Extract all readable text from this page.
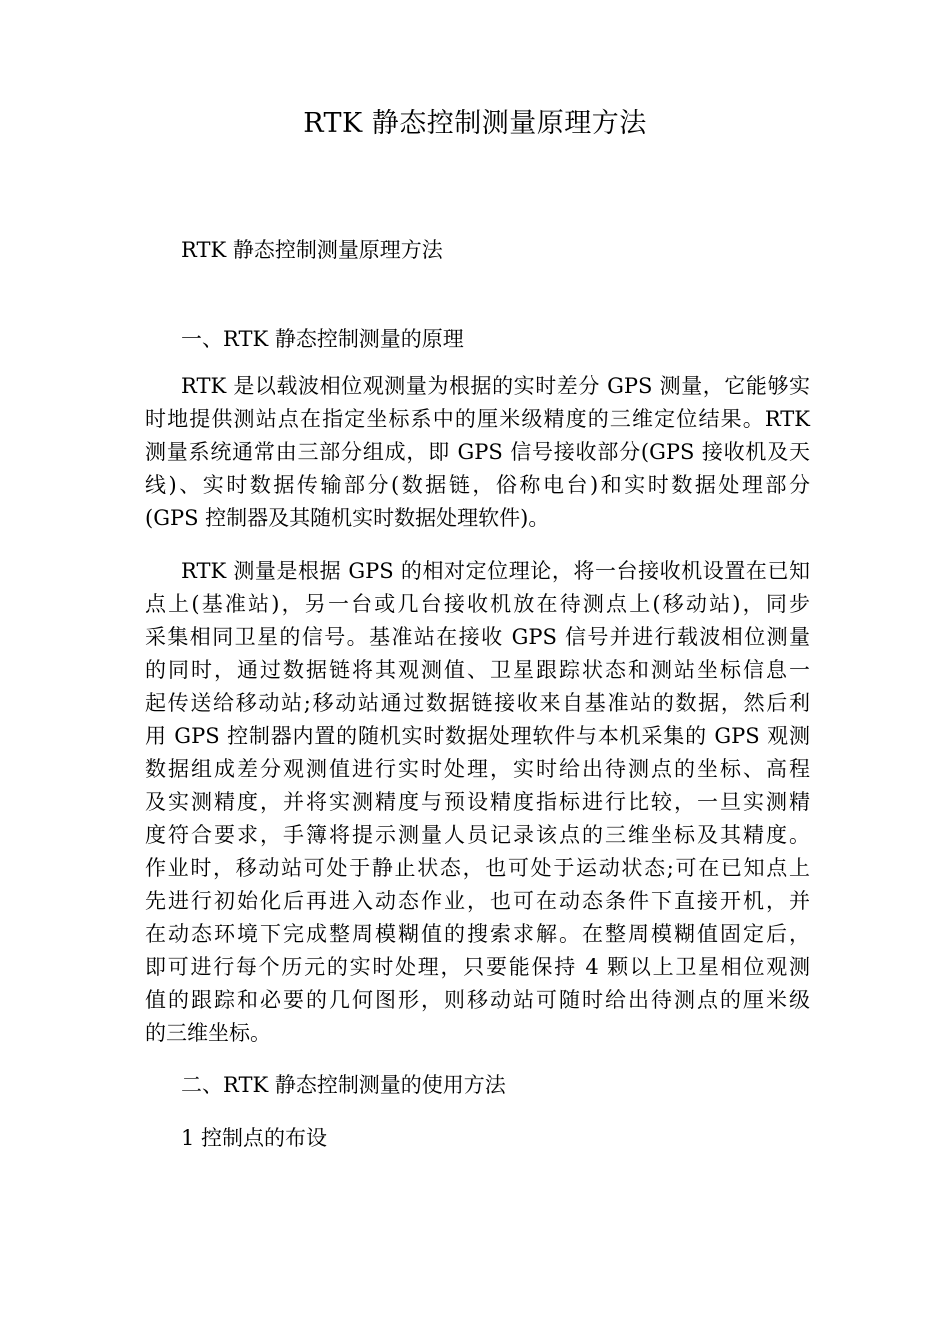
RTK 静态控制测量原理方法
RTK 静态控制测量原理方法
一、RTK 静态控制测量的原理
RTK 是以载波相位观测量为根据的实时差分 GPS 测量，它能够实
时地提供测站点在指定坐标系中的厘米级精度的三维定位结果。RTK
测量系统通常由三部分组成，即 GPS 信号接收部分(GPS 接收机及天
线)、实时数据传输部分(数据链，俗称电台)和实时数据处理部分
(GPS 控制器及其随机实时数据处理软件)。
RTK 测量是根据 GPS 的相对定位理论，将一台接收机设置在已知
点上(基准站)，另一台或几台接收机放在待测点上(移动站)，同步
采集相同卫星的信号。基准站在接收 GPS 信号并进行载波相位测量
的同时，通过数据链将其观测值、卫星跟踪状态和测站坐标信息一
起传送给移动站;移动站通过数据链接收来自基准站的数据，然后利
用 GPS 控制器内置的随机实时数据处理软件与本机采集的 GPS 观测
数据组成差分观测值进行实时处理，实时给出待测点的坐标、高程
及实测精度，并将实测精度与预设精度指标进行比较，一旦实测精
度符合要求，手簿将提示测量人员记录该点的三维坐标及其精度。
作业时，移动站可处于静止状态，也可处于运动状态;可在已知点上
先进行初始化后再进入动态作业，也可在动态条件下直接开机，并
在动态环境下完成整周模糊值的搜索求解。在整周模糊值固定后，
即可进行每个历元的实时处理，只要能保持 4 颗以上卫星相位观测
值的跟踪和必要的几何图形，则移动站可随时给出待测点的厘米级
的三维坐标。
二、RTK 静态控制测量的使用方法
1 控制点的布设
